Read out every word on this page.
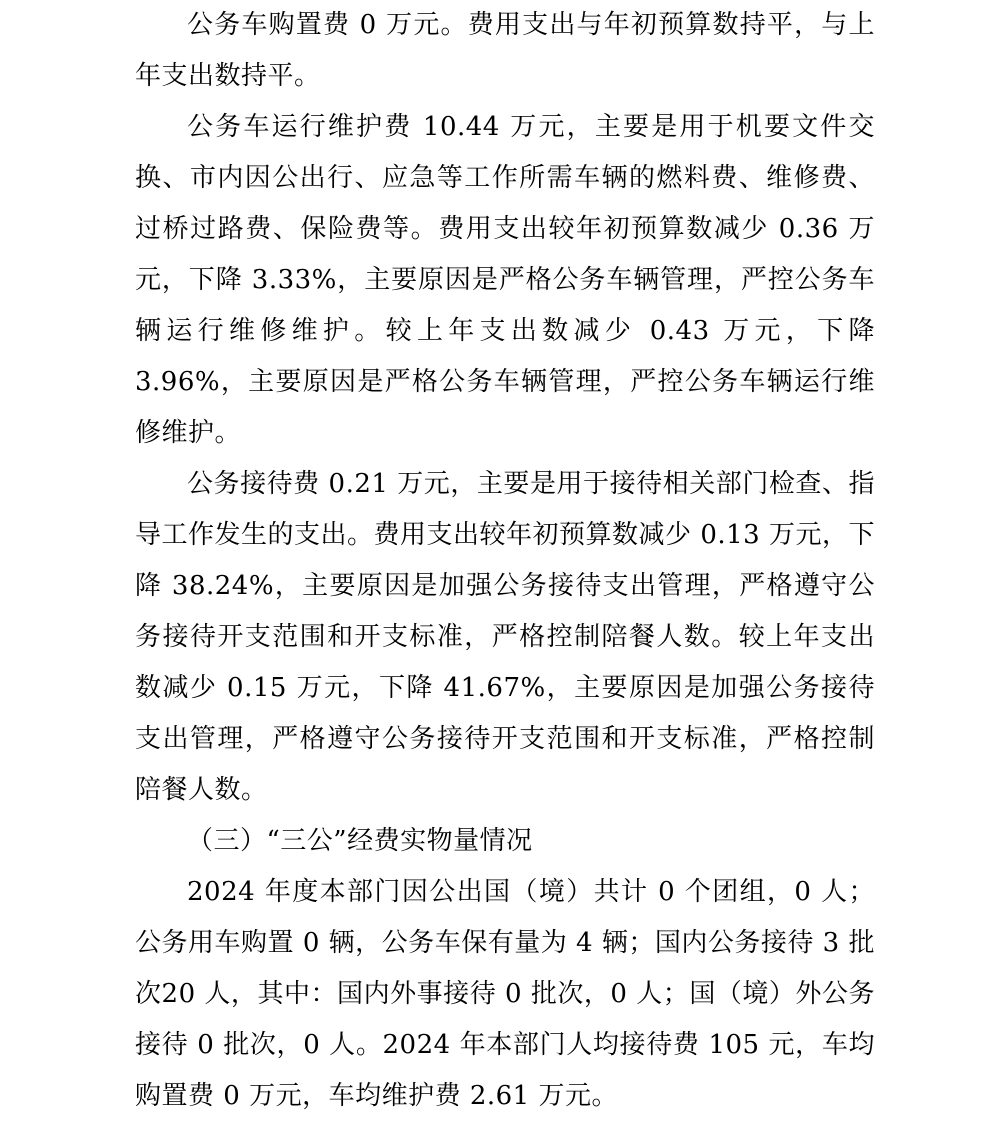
公务车购置费 0 万元。费用支出与年初预算数持平，与上年支出数持平。

公务车运行维护费 10.44 万元，主要是用于机要文件交换、市内因公出行、应急等工作所需车辆的燃料费、维修费、过桥过路费、保险费等。费用支出较年初预算数减少 0.36 万元，下降 3.33%，主要原因是严格公务车辆管理，严控公务车辆运行维修维护。较上年支出数减少 0.43 万元，下降 3.96%，主要原因是严格公务车辆管理，严控公务车辆运行维修维护。

公务接待费 0.21 万元，主要是用于接待相关部门检查、指导工作发生的支出。费用支出较年初预算数减少 0.13 万元，下降 38.24%，主要原因是加强公务接待支出管理，严格遵守公务接待开支范围和开支标准，严格控制陪餐人数。较上年支出数减少 0.15 万元，下降 41.67%，主要原因是加强公务接待支出管理，严格遵守公务接待开支范围和开支标准，严格控制陪餐人数。

（三）“三公”经费实物量情况

2024 年度本部门因公出国（境）共计 0 个团组，0 人；公务用车购置 0 辆，公务车保有量为 4 辆；国内公务接待 3 批次20 人，其中：国内外事接待 0 批次，0 人；国（境）外公务接待 0 批次，0 人。2024 年本部门人均接待费 105 元，车均购置费 0 万元，车均维护费 2.61 万元。
